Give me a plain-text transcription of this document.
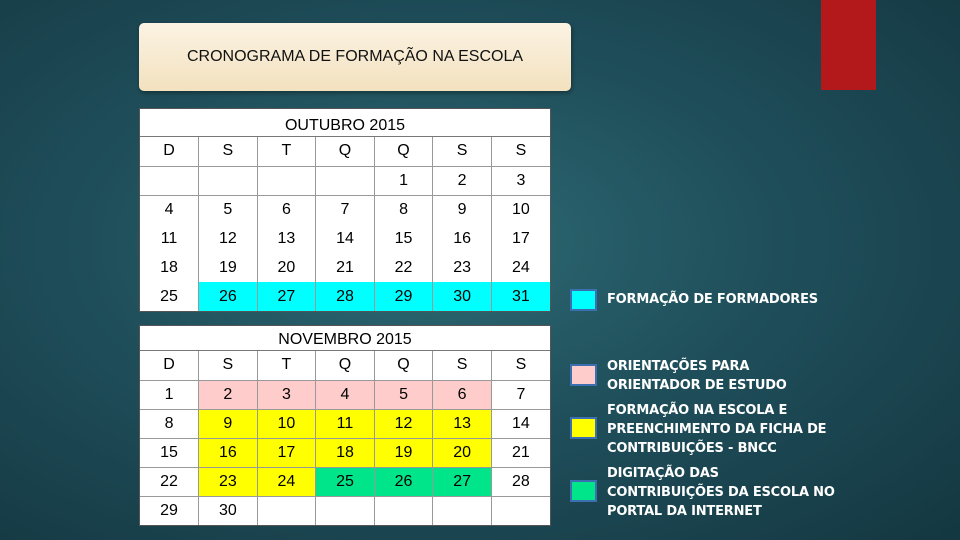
CRONOGRAMA DE FORMAÇÃO NA ESCOLA
OUTUBRO 2015
D	S	T	Q	Q	S	S
				1	2	3
4	5	6	7	8	9	10
11	12	13	14	15	16	17
18	19	20	21	22	23	24
25	26	27	28	29	30	31
NOVEMBRO 2015
D	S	T	Q	Q	S	S
1	2	3	4	5	6	7
8	9	10	11	12	13	14
15	16	17	18	19	20	21
22	23	24	25	26	27	28
29	30					
FORMAÇÃO DE FORMADORES
ORIENTAÇÕES PARA
ORIENTADOR DE ESTUDO
FORMAÇÃO NA ESCOLA E
PREENCHIMENTO DA FICHA DE
CONTRIBUIÇÕES - BNCC
DIGITAÇÃO DAS
CONTRIBUIÇÕES DA ESCOLA NO
PORTAL DA INTERNET
